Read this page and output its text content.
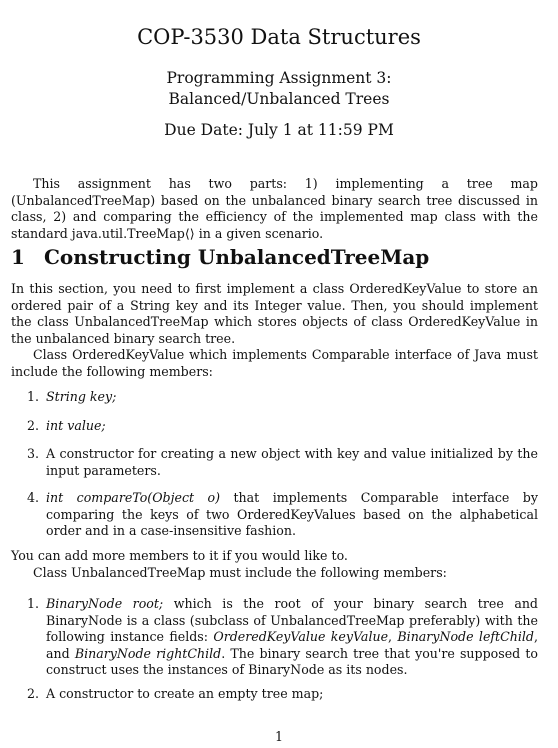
COP-3530 Data Structures
Programming Assignment 3:
Balanced/Unbalanced Trees
Due Date: July 1 at 11:59 PM
This assignment has two parts: 1) implementing a tree map (UnbalancedTreeMap) based on the unbalanced binary search tree discussed in class, 2) and comparing the efficiency of the implemented map class with the standard java.util.TreeMap⟨⟩ in a given scenario.
1 Constructing UnbalancedTreeMap
In this section, you need to first implement a class OrderedKeyValue to store an ordered pair of a String key and its Integer value. Then, you should implement the class UnbalancedTreeMap which stores objects of class OrderedKeyValue in the unbalanced binary search tree.
Class OrderedKeyValue which implements Comparable interface of Java must include the following members:
1. String key;
2. int value;
3. A constructor for creating a new object with key and value initialized by the input parameters.
4. int compareTo(Object o) that implements Comparable interface by comparing the keys of two OrderedKeyValues based on the alphabetical order and in a case-insensitive fashion.
You can add more members to it if you would like to.
Class UnbalancedTreeMap must include the following members:
1. BinaryNode root; which is the root of your binary search tree and BinaryNode is a class (subclass of UnbalancedTreeMap preferably) with the following instance fields: OrderedKeyValue keyValue, BinaryNode leftChild, and BinaryNode rightChild. The binary search tree that you're supposed to construct uses the instances of BinaryNode as its nodes.
2. A constructor to create an empty tree map;
1
